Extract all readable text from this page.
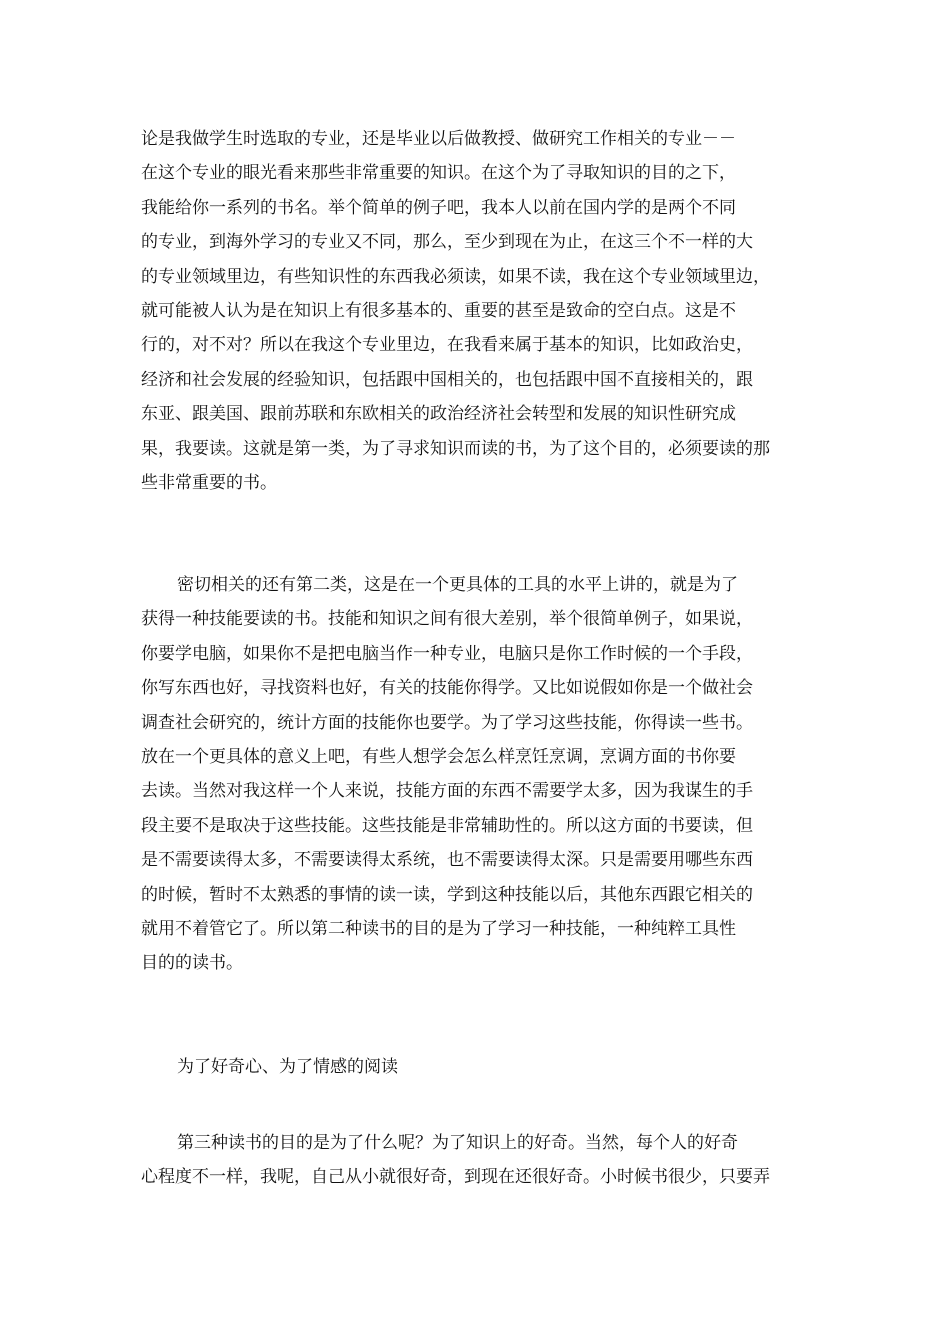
论是我做学生时选取的专业，还是毕业以后做教授、做研究工作相关的专业－－
在这个专业的眼光看来那些非常重要的知识。在这个为了寻取知识的目的之下，
我能给你一系列的书名。举个简单的例子吧，我本人以前在国内学的是两个不同
的专业，到海外学习的专业又不同，那么，至少到现在为止，在这三个不一样的大
的专业领域里边，有些知识性的东西我必须读，如果不读，我在这个专业领域里边，
就可能被人认为是在知识上有很多基本的、重要的甚至是致命的空白点。这是不
行的，对不对？所以在我这个专业里边，在我看来属于基本的知识，比如政治史，
经济和社会发展的经验知识，包括跟中国相关的，也包括跟中国不直接相关的，跟
东亚、跟美国、跟前苏联和东欧相关的政治经济社会转型和发展的知识性研究成
果，我要读。这就是第一类，为了寻求知识而读的书，为了这个目的，必须要读的那
些非常重要的书。
密切相关的还有第二类，这是在一个更具体的工具的水平上讲的，就是为了
获得一种技能要读的书。技能和知识之间有很大差别，举个很简单例子，如果说，
你要学电脑，如果你不是把电脑当作一种专业，电脑只是你工作时候的一个手段，
你写东西也好，寻找资料也好，有关的技能你得学。又比如说假如你是一个做社会
调查社会研究的，统计方面的技能你也要学。为了学习这些技能，你得读一些书。
放在一个更具体的意义上吧，有些人想学会怎么样烹饪烹调，烹调方面的书你要
去读。当然对我这样一个人来说，技能方面的东西不需要学太多，因为我谋生的手
段主要不是取决于这些技能。这些技能是非常辅助性的。所以这方面的书要读，但
是不需要读得太多，不需要读得太系统，也不需要读得太深。只是需要用哪些东西
的时候，暂时不太熟悉的事情的读一读，学到这种技能以后，其他东西跟它相关的
就用不着管它了。所以第二种读书的目的是为了学习一种技能，一种纯粹工具性
目的的读书。
为了好奇心、为了情感的阅读
第三种读书的目的是为了什么呢？为了知识上的好奇。当然，每个人的好奇
心程度不一样，我呢，自己从小就很好奇，到现在还很好奇。小时候书很少，只要弄
